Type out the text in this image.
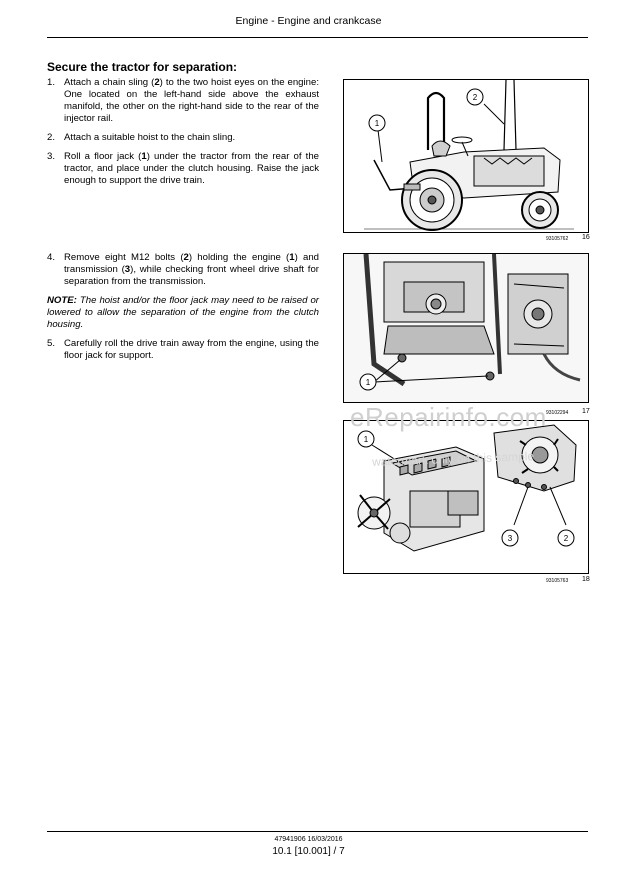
Engine - Engine and crankcase
Secure the tractor for separation:
1. Attach a chain sling (2) to the two hoist eyes on the engine: One located on the left-hand side above the exhaust manifold, the other on the right-hand side to the rear of the injector rail.
2. Attach a suitable hoist to the chain sling.
3. Roll a floor jack (1) under the tractor from the rear of the tractor, and place under the clutch housing. Raise the jack enough to support the drive train.
4. Remove eight M12 bolts (2) holding the engine (1) and transmission (3), while checking front wheel drive shaft for separation from the transmission.
NOTE: The hoist and/or the floor jack may need to be raised or lowered to allow the separation of the engine from the clutch housing.
5. Carefully roll the drive train away from the engine, using the floor jack for support.
1
2
93105762 16
1
93102294 17
1
3	2
93105763 18
eRepairinfo.com
watermark only on this sample
47941906 16/03/2016
10.1 [10.001] / 7
